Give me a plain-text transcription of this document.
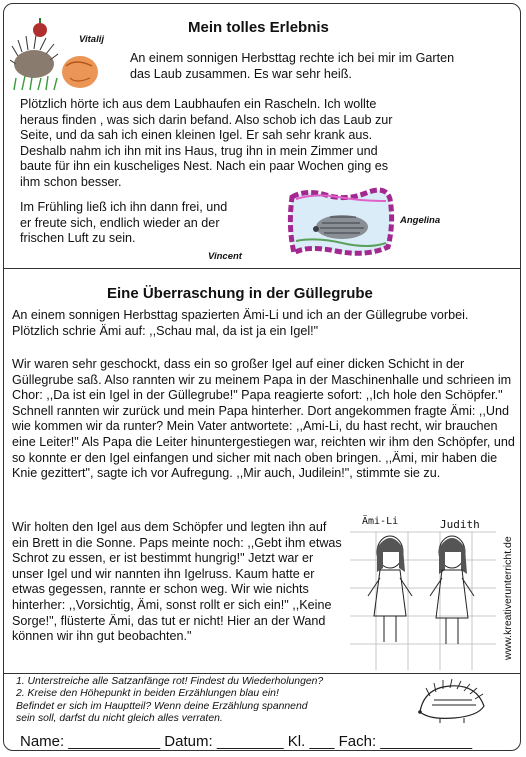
Mein tolles Erlebnis
Vitalij
An einem sonnigen Herbsttag rechte ich bei mir im Garten das Laub zusammen. Es war sehr heiß.
Plötzlich hörte ich aus dem Laubhaufen ein Rascheln. Ich wollte heraus finden , was sich darin befand. Also schob ich das Laub zur Seite, und da sah ich einen kleinen Igel. Er sah sehr krank aus. Deshalb nahm ich ihn mit ins Haus, trug ihn in mein Zimmer und baute für ihn ein kuscheliges Nest. Nach ein paar Wochen ging es ihm schon besser.
Im Frühling ließ ich ihn dann frei, und er freute sich, endlich wieder an der frischen Luft zu sein.
Vincent
Angelina
Eine Überraschung in der Güllegrube
An einem sonnigen Herbsttag spazierten Ämi-Li und ich an der Güllegrube vorbei. Plötzlich schrie Ämi auf: ,,Schau mal, da ist ja ein Igel!"
Wir waren sehr geschockt, dass ein so großer Igel auf einer dicken Schicht in der Güllegrube saß. Also rannten wir zu meinem Papa in der Maschinenhalle und schrieen im Chor: ,,Da ist ein Igel in der Güllegrube!" Papa reagierte sofort: ,,Ich hole den Schöpfer." Schnell rannten wir zurück und mein Papa hinterher. Dort angekommen fragte Ämi: ,,Und wie kommen wir da runter? Mein Vater antwortete: ,,Ami-Li, du hast recht, wir brauchen eine Leiter!" Als Papa die Leiter hinuntergestiegen war, reichten wir ihm den Schöpfer, und so konnte er den Igel einfangen und sicher mit nach oben bringen. ,,Ämi, mir haben die Knie gezittert", sagte ich vor Aufregung. ,,Mir auch, Judilein!", stimmte sie zu.
Wir holten den Igel aus dem Schöpfer und legten ihn auf ein Brett in die Sonne. Paps meinte noch: ,,Gebt ihm etwas Schrot zu essen, er ist bestimmt hungrig!" Jetzt war er unser Igel und wir nannten ihn Igelruss. Kaum hatte er etwas gegessen, rannte er schon weg. Wir wie nichts hinterher: ,,Vorsichtig, Ämi, sonst rollt er sich ein!" ,,Keine Sorge!", flüsterte Ämi, das tut er nicht! Hier an der Wand können wir ihn gut beobachten."
Ämi-Li	Judith
www.kreativerunterricht.de
1. Unterstreiche alle Satzanfänge rot! Findest du Wiederholungen?
2. Kreise den Höhepunkt in beiden Erzählungen blau ein!
Befindet er sich im Hauptteil? Wenn deine Erzählung spannend
sein soll, darfst du nicht gleich alles verraten.
Name: ___________ Datum: ________ Kl. ___ Fach: ___________
